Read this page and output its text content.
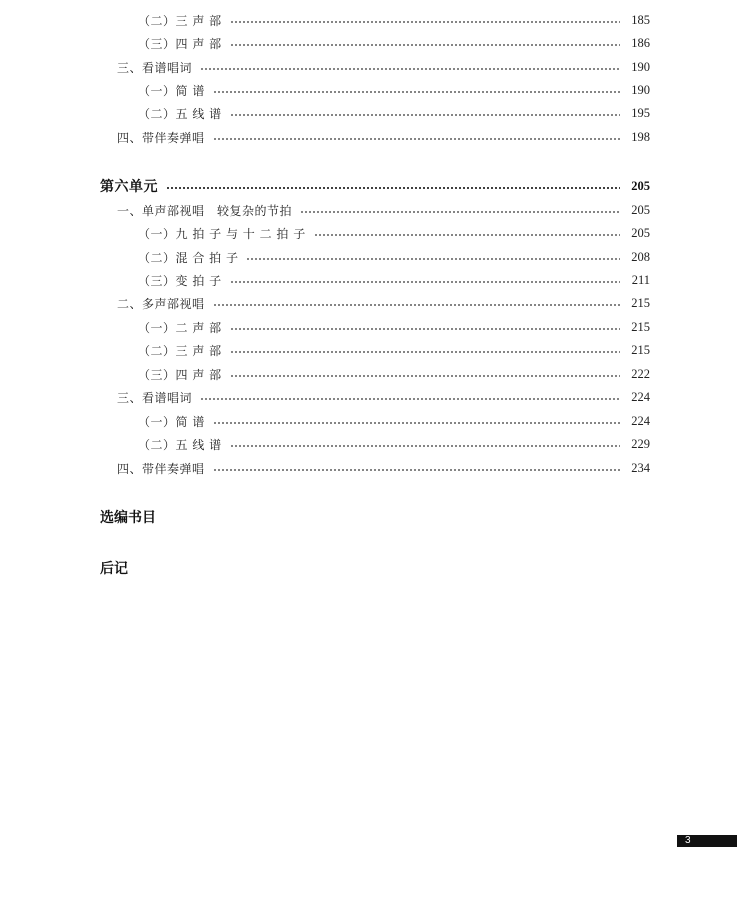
（二）三 声 部	185
（三）四 声 部	186
三、看谱唱词	190
（一）简 谱	190
（二）五 线 谱	195
四、带伴奏弹唱	198
第六单元	205
一、单声部视唱　较复杂的节拍	205
（一）九 拍 子 与 十 二 拍 子	205
（二）混 合 拍 子	208
（三）变 拍 子	211
二、多声部视唱	215
（一）二 声 部	215
（二）三 声 部	215
（三）四 声 部	222
三、看谱唱词	224
（一）简 谱	224
（二）五 线 谱	229
四、带伴奏弹唱	234
选编书目
后记
3
